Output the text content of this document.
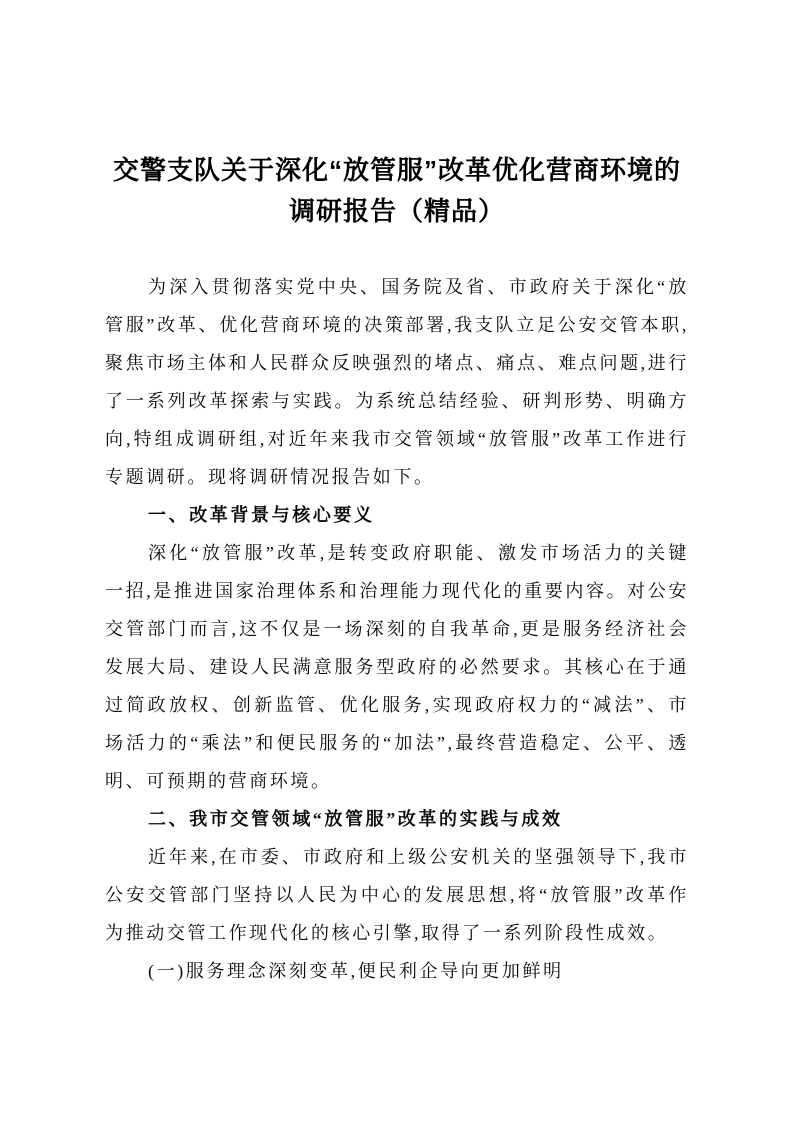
交警支队关于深化“放管服”改革优化营商环境的调研报告（精品）
为深入贯彻落实党中央、国务院及省、市政府关于深化“放管服”改革、优化营商环境的决策部署,我支队立足公安交管本职,聚焦市场主体和人民群众反映强烈的堵点、痛点、难点问题,进行了一系列改革探索与实践。为系统总结经验、研判形势、明确方向,特组成调研组,对近年来我市交管领域“放管服”改革工作进行专题调研。现将调研情况报告如下。
一、改革背景与核心要义
深化“放管服”改革,是转变政府职能、激发市场活力的关键一招,是推进国家治理体系和治理能力现代化的重要内容。对公安交管部门而言,这不仅是一场深刻的自我革命,更是服务经济社会发展大局、建设人民满意服务型政府的必然要求。其核心在于通过简政放权、创新监管、优化服务,实现政府权力的“减法”、市场活力的“乘法”和便民服务的“加法”,最终营造稳定、公平、透明、可预期的营商环境。
二、我市交管领域“放管服”改革的实践与成效
近年来,在市委、市政府和上级公安机关的坚强领导下,我市公安交管部门坚持以人民为中心的发展思想,将“放管服”改革作为推动交管工作现代化的核心引擎,取得了一系列阶段性成效。
(一)服务理念深刻变革,便民利企导向更加鲜明
